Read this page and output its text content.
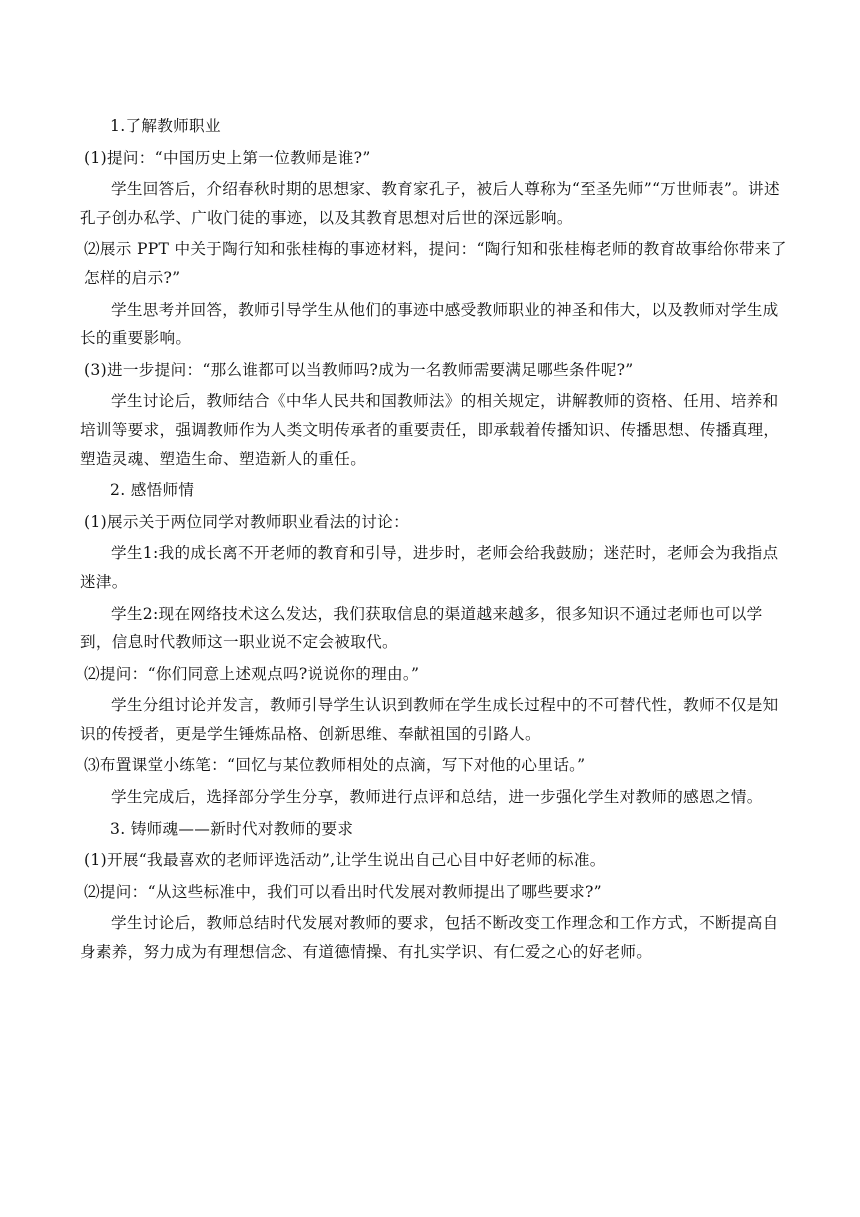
1.了解教师职业

(1)提问：“中国历史上第一位教师是谁?”

学生回答后，介绍春秋时期的思想家、教育家孔子，被后人尊称为“至圣先师”“万世师表”。讲述孔子创办私学、广收门徒的事迹，以及其教育思想对后世的深远影响。

⑵展示 PPT 中关于陶行知和张桂梅的事迹材料，提问：“陶行知和张桂梅老师的教育故事给你带来了怎样的启示?”

学生思考并回答，教师引导学生从他们的事迹中感受教师职业的神圣和伟大，以及教师对学生成长的重要影响。

(3)进一步提问：“那么谁都可以当教师吗?成为一名教师需要满足哪些条件呢?”

学生讨论后，教师结合《中华人民共和国教师法》的相关规定，讲解教师的资格、任用、培养和培训等要求，强调教师作为人类文明传承者的重要责任，即承载着传播知识、传播思想、传播真理，塑造灵魂、塑造生命、塑造新人的重任。

2. 感悟师情

(1)展示关于两位同学对教师职业看法的讨论：

学生1:我的成长离不开老师的教育和引导，进步时，老师会给我鼓励；迷茫时，老师会为我指点迷津。

学生2:现在网络技术这么发达，我们获取信息的渠道越来越多，很多知识不通过老师也可以学到，信息时代教师这一职业说不定会被取代。

⑵提问：“你们同意上述观点吗?说说你的理由。”

学生分组讨论并发言，教师引导学生认识到教师在学生成长过程中的不可替代性，教师不仅是知识的传授者，更是学生锤炼品格、创新思维、奉献祖国的引路人。

⑶布置课堂小练笔：“回忆与某位教师相处的点滴，写下对他的心里话。”

学生完成后，选择部分学生分享，教师进行点评和总结，进一步强化学生对教师的感恩之情。

3. 铸师魂——新时代对教师的要求

(1)开展“我最喜欢的老师评选活动”,让学生说出自己心目中好老师的标准。

⑵提问：“从这些标准中，我们可以看出时代发展对教师提出了哪些要求?”

学生讨论后，教师总结时代发展对教师的要求，包括不断改变工作理念和工作方式，不断提高自身素养，努力成为有理想信念、有道德情操、有扎实学识、有仁爱之心的好老师。
